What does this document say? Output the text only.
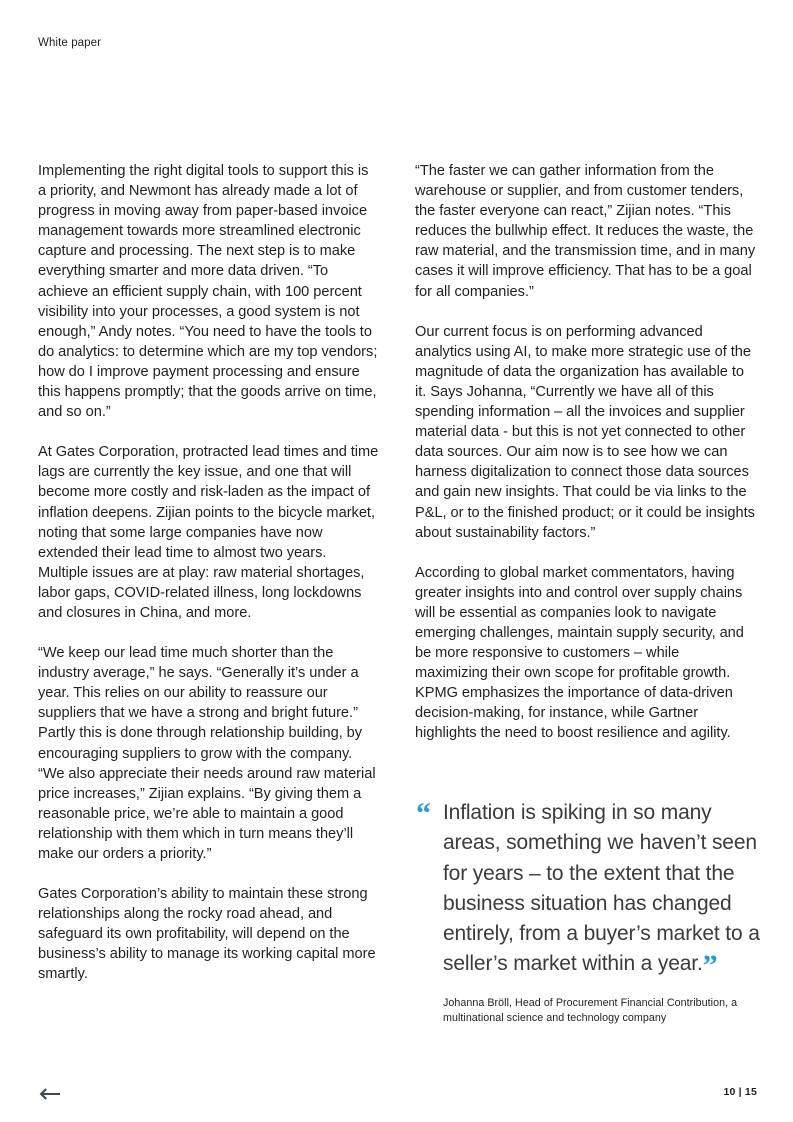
White paper

Implementing the right digital tools to support this is a priority, and Newmont has already made a lot of progress in moving away from paper-based invoice management towards more streamlined electronic capture and processing. The next step is to make everything smarter and more data driven. “To achieve an efficient supply chain, with 100 percent visibility into your processes, a good system is not enough,” Andy notes. “You need to have the tools to do analytics: to determine which are my top vendors; how do I improve payment processing and ensure this happens promptly; that the goods arrive on time, and so on.”

At Gates Corporation, protracted lead times and time lags are currently the key issue, and one that will become more costly and risk-laden as the impact of inflation deepens. Zijian points to the bicycle market, noting that some large companies have now extended their lead time to almost two years. Multiple issues are at play: raw material shortages, labor gaps, COVID-related illness, long lockdowns and closures in China, and more.

“We keep our lead time much shorter than the industry average,” he says. “Generally it’s under a year. This relies on our ability to reassure our suppliers that we have a strong and bright future.” Partly this is done through relationship building, by encouraging suppliers to grow with the company. “We also appreciate their needs around raw material price increases,” Zijian explains. “By giving them a reasonable price, we’re able to maintain a good relationship with them which in turn means they’ll make our orders a priority.”

Gates Corporation’s ability to maintain these strong relationships along the rocky road ahead, and safeguard its own profitability, will depend on the business’s ability to manage its working capital more smartly.

“The faster we can gather information from the warehouse or supplier, and from customer tenders, the faster everyone can react,” Zijian notes. “This reduces the bullwhip effect. It reduces the waste, the raw material, and the transmission time, and in many cases it will improve efficiency. That has to be a goal for all companies.”

Our current focus is on performing advanced analytics using AI, to make more strategic use of the magnitude of data the organization has available to it. Says Johanna, “Currently we have all of this spending information – all the invoices and supplier material data - but this is not yet connected to other data sources. Our aim now is to see how we can harness digitalization to connect those data sources and gain new insights. That could be via links to the P&L, or to the finished product; or it could be insights about sustainability factors.”

According to global market commentators, having greater insights into and control over supply chains will be essential as companies look to navigate emerging challenges, maintain supply security, and be more responsive to customers – while maximizing their own scope for profitable growth. KPMG emphasizes the importance of data-driven decision-making, for instance, while Gartner highlights the need to boost resilience and agility.

“ Inflation is spiking in so many areas, something we haven’t seen for years – to the extent that the business situation has changed entirely, from a buyer’s market to a seller’s market within a year.”

Johanna Bröll, Head of Procurement Financial Contribution, a multinational science and technology company
10 | 15
